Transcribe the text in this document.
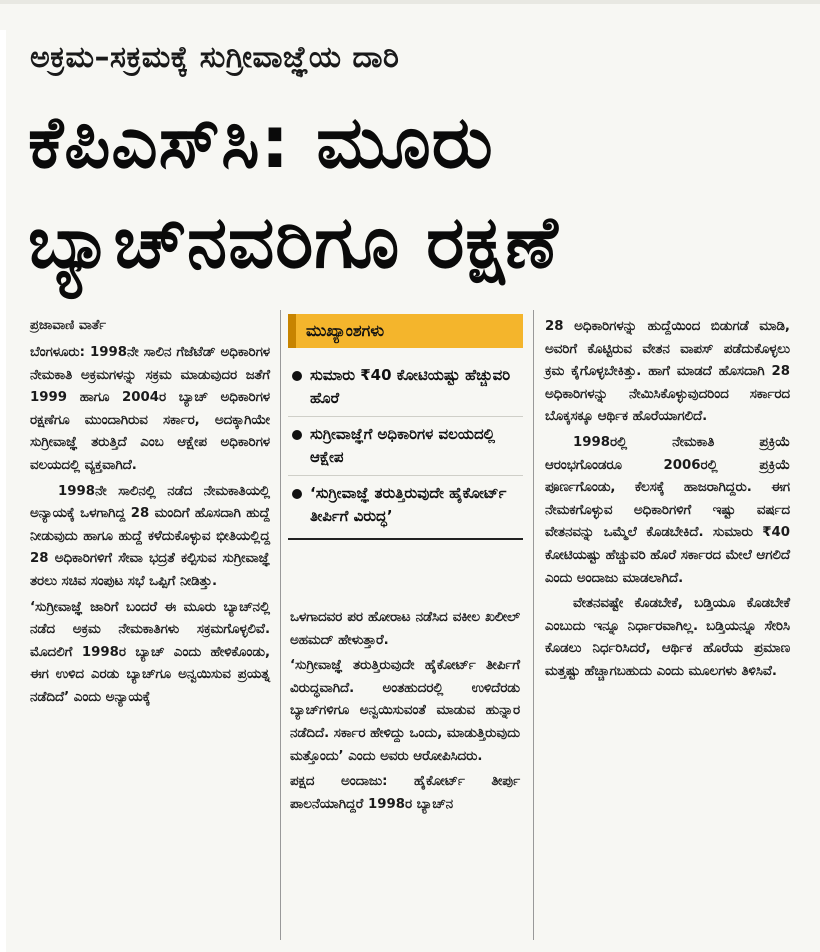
ಅಕ್ರಮ–ಸಕ್ರಮಕ್ಕೆ ಸುಗ್ರೀವಾಜ್ಞೆಯ ದಾರಿ
ಕೆಪಿಎಸ್‌ಸಿ: ಮೂರು
ಬ್ಯಾಚ್‌ನವರಿಗೂ ರಕ್ಷಣೆ
ಪ್ರಜಾವಾಣಿ ವಾರ್ತೆ

ಬೆಂಗಳೂರು: 1998ನೇ ಸಾಲಿನ ಗೆಜೆಟೆಡ್ ಅಧಿಕಾರಿಗಳ ನೇಮಕಾತಿ ಅಕ್ರಮಗಳನ್ನು ಸಕ್ರಮ ಮಾಡುವುದರ ಜತೆಗೆ 1999 ಹಾಗೂ 2004ರ ಬ್ಯಾಚ್ ಅಧಿಕಾರಿಗಳ ರಕ್ಷಣೆಗೂ ಮುಂದಾಗಿರುವ ಸರ್ಕಾರ, ಅದಕ್ಕಾಗಿಯೇ ಸುಗ್ರೀವಾಜ್ಞೆ ತರುತ್ತಿದೆ ಎಂಬ ಆಕ್ಷೇಪ ಅಧಿಕಾರಿಗಳ ವಲಯದಲ್ಲಿ ವ್ಯಕ್ತವಾಗಿದೆ.

1998ನೇ ಸಾಲಿನಲ್ಲಿ ನಡೆದ ನೇಮಕಾತಿಯಲ್ಲಿ ಅನ್ಯಾಯಕ್ಕೆ ಒಳಗಾಗಿದ್ದ 28 ಮಂದಿಗೆ ಹೊಸದಾಗಿ ಹುದ್ದೆ ನೀಡುವುದು ಹಾಗೂ ಹುದ್ದೆ ಕಳೆದುಕೊಳ್ಳುವ ಭೀತಿಯಲ್ಲಿದ್ದ 28 ಅಧಿಕಾರಿಗಳಿಗೆ ಸೇವಾ ಭದ್ರತೆ ಕಲ್ಪಿಸುವ ಸುಗ್ರೀವಾಜ್ಞೆ ತರಲು ಸಚಿವ ಸಂಪುಟ ಸಭೆ ಒಪ್ಪಿಗೆ ನೀಡಿತ್ತು.

‘ಸುಗ್ರೀವಾಜ್ಞೆ ಜಾರಿಗೆ ಬಂದರೆ ಈ ಮೂರು ಬ್ಯಾಚ್‌ನಲ್ಲಿ ನಡೆದ ಅಕ್ರಮ ನೇಮಕಾತಿಗಳು ಸಕ್ರಮಗೊಳ್ಳಲಿವೆ. ಮೊದಲಿಗೆ 1998ರ ಬ್ಯಾಚ್ ಎಂದು ಹೇಳಿಕೊಂಡು, ಈಗ ಉಳಿದ ಎರಡು ಬ್ಯಾಚ್‌ಗೂ ಅನ್ವಯಿಸುವ ಪ್ರಯತ್ನ ನಡೆದಿದೆ’ ಎಂದು ಅನ್ಯಾಯಕ್ಕೆ

ಮುಖ್ಯಾಂಶಗಳು
ಸುಮಾರು ₹40 ಕೋಟಿಯಷ್ಟು ಹೆಚ್ಚುವರಿ ಹೊರೆ
ಸುಗ್ರೀವಾಜ್ಞೆಗೆ ಅಧಿಕಾರಿಗಳ ವಲಯದಲ್ಲಿ ಆಕ್ಷೇಪ
‘ಸುಗ್ರೀವಾಜ್ಞೆ ತರುತ್ತಿರುವುದೇ ಹೈಕೋರ್ಟ್ ತೀರ್ಪಿಗೆ ವಿರುದ್ಧ’

ಒಳಗಾದವರ ಪರ ಹೋರಾಟ ನಡೆಸಿದ ವಕೀಲ ಖಲೀಲ್ ಅಹಮದ್ ಹೇಳುತ್ತಾರೆ.

‘ಸುಗ್ರೀವಾಜ್ಞೆ ತರುತ್ತಿರುವುದೇ ಹೈಕೋರ್ಟ್ ತೀರ್ಪಿಗೆ ವಿರುದ್ಧವಾಗಿದೆ. ಅಂತಹುದರಲ್ಲಿ ಉಳಿದೆರಡು ಬ್ಯಾಚ್‌ಗಳಿಗೂ ಅನ್ವಯಿಸುವಂತೆ ಮಾಡುವ ಹುನ್ನಾರ ನಡೆದಿದೆ. ಸರ್ಕಾರ ಹೇಳಿದ್ದು ಒಂದು, ಮಾಡುತ್ತಿರುವುದು ಮತ್ತೊಂದು’ ಎಂದು ಅವರು ಆರೋಪಿಸಿದರು.

ಪಕ್ಷದ ಅಂದಾಜು: ಹೈಕೋರ್ಟ್ ತೀರ್ಪು ಪಾಲನೆಯಾಗಿದ್ದರೆ 1998ರ ಬ್ಯಾಚ್‌ನ

28 ಅಧಿಕಾರಿಗಳನ್ನು ಹುದ್ದೆಯಿಂದ ಬಿಡುಗಡೆ ಮಾಡಿ, ಅವರಿಗೆ ಕೊಟ್ಟಿರುವ ವೇತನ ವಾಪಸ್ ಪಡೆದುಕೊಳ್ಳಲು ಕ್ರಮ ಕೈಗೊಳ್ಳಬೇಕಿತ್ತು. ಹಾಗೆ ಮಾಡದೆ ಹೊಸದಾಗಿ 28 ಅಧಿಕಾರಿಗಳನ್ನು ನೇಮಿಸಿಕೊಳ್ಳುವುದರಿಂದ ಸರ್ಕಾರದ ಬೊಕ್ಕಸಕ್ಕೂ ಆರ್ಥಿಕ ಹೊರೆಯಾಗಲಿದೆ.

1998ರಲ್ಲಿ ನೇಮಕಾತಿ ಪ್ರಕ್ರಿಯೆ ಆರಂಭಗೊಂಡರೂ 2006ರಲ್ಲಿ ಪ್ರಕ್ರಿಯೆ ಪೂರ್ಣಗೊಂಡು, ಕೆಲಸಕ್ಕೆ ಹಾಜರಾಗಿದ್ದರು. ಈಗ ನೇಮಕಗೊಳ್ಳುವ ಅಧಿಕಾರಿಗಳಿಗೆ ಇಷ್ಟು ವರ್ಷದ ವೇತನವನ್ನು ಒಮ್ಮೆಲೆ ಕೊಡಬೇಕಿದೆ. ಸುಮಾರು ₹40 ಕೋಟಿಯಷ್ಟು ಹೆಚ್ಚುವರಿ ಹೊರೆ ಸರ್ಕಾರದ ಮೇಲೆ ಆಗಲಿದೆ ಎಂದು ಅಂದಾಜು ಮಾಡಲಾಗಿದೆ.

ವೇತನವಷ್ಟೇ ಕೊಡಬೇಕೆ, ಬಡ್ತಿಯೂ ಕೊಡಬೇಕೆ ಎಂಬುದು ಇನ್ನೂ ನಿರ್ಧಾರವಾಗಿಲ್ಲ. ಬಡ್ತಿಯನ್ನೂ ಸೇರಿಸಿ ಕೊಡಲು ನಿರ್ಧರಿಸಿದರೆ, ಆರ್ಥಿಕ ಹೊರೆಯ ಪ್ರಮಾಣ ಮತ್ತಷ್ಟು ಹೆಚ್ಚಾಗಬಹುದು ಎಂದು ಮೂಲಗಳು ತಿಳಿಸಿವೆ.
